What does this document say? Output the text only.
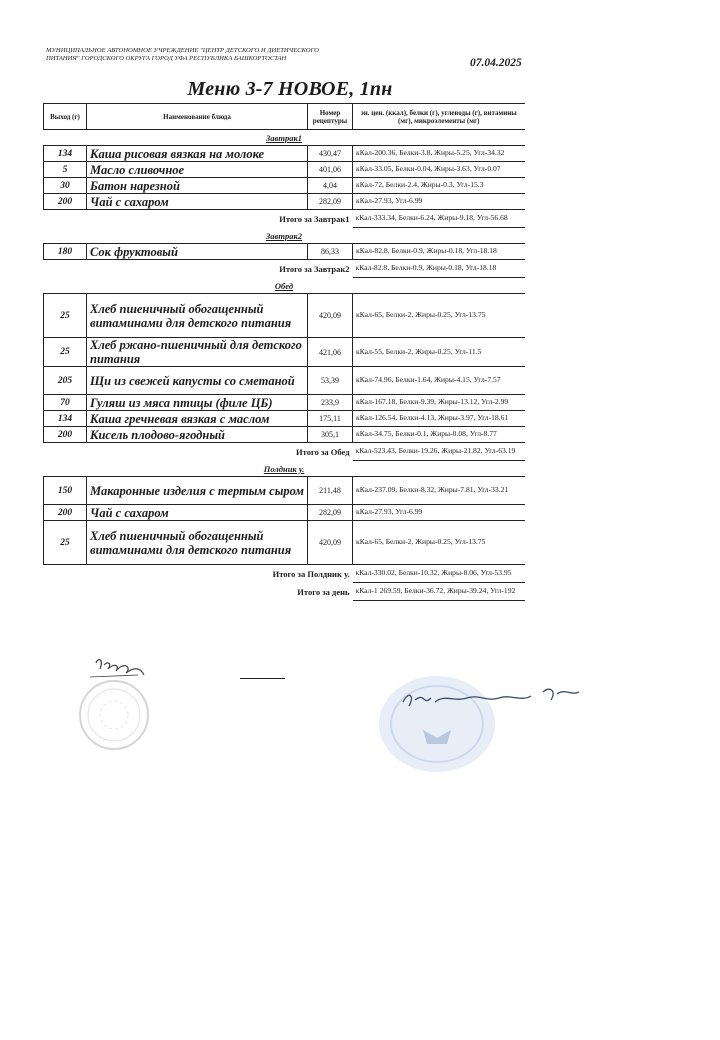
МУНИЦИПАЛЬНОЕ АВТОНОМНОЕ УЧРЕЖДЕНИЕ "ЦЕНТР ДЕТСКОГО И ДИЕТИЧЕСКОГО ПИТАНИЯ" ГОРОДСКОГО ОКРУГА ГОРОД УФА РЕСПУБЛИКА БАШКОРТОСТАН	07.04.2025
Меню 3-7 НОВОЕ, 1пн
Выход (г)	Наименование блюда	Номер рецептуры	эн. цен. (ккал), белки (г), углеводы (г), витамины (мг), микроэлементы (мг)
Завтрак1			
134	Каша рисовая вязкая на молоке	430,47	кКал-200.36, Белки-3.8, Жиры-5.25, Угл-34.32
5	Масло сливочное	401,06	кКал-33.05, Белки-0.04, Жиры-3.63, Угл-0.07
30	Батон нарезной	4,04	кКал-72, Белки-2.4, Жиры-0.3, Угл-15.3
200	Чай с сахаром	282,09	кКал-27.93, Угл-6.99
Итого за Завтрак1			кКал-333.34, Белки-6.24, Жиры-9.18, Угл-56.68
Завтрак2			
180	Сок фруктовый	86,33	кКал-82.8, Белки-0.9, Жиры-0.18, Угл-18.18
Итого за Завтрак2			кКал-82.8, Белки-0.9, Жиры-0.18, Угл-18.18
Обед			
25	Хлеб пшеничный обогащенный витаминами для детского питания	420,09	кКал-65, Белки-2, Жиры-0.25, Угл-13.75
25	Хлеб ржано-пшеничный для детского питания	421,06	кКал-55, Белки-2, Жиры-0.25, Угл-11.5
205	Щи из свежей капусты со сметаной	53,39	кКал-74.96, Белки-1.64, Жиры-4.15, Угл-7.57
70	Гуляш из мяса птицы (филе ЦБ)	233,9	кКал-167.18, Белки-9.39, Жиры-13.12, Угл-2.99
134	Каша гречневая вязкая с маслом	175,11	кКал-126.54, Белки-4.13, Жиры-3.97, Угл-18.61
200	Кисель плодово-ягодный	305,1	кКал-34.75, Белки-0.1, Жиры-0.08, Угл-8.77
Итого за Обед			кКал-523.43, Белки-19.26, Жиры-21.82, Угл-63.19
Полдник у.			
150	Макаронные изделия с тертым сыром	211,48	кКал-237.09, Белки-8.32, Жиры-7.81, Угл-33.21
200	Чай с сахаром	282,09	кКал-27.93, Угл-6.99
25	Хлеб пшеничный обогащенный витаминами для детского питания	420,09	кКал-65, Белки-2, Жиры-0.25, Угл-13.75
Итого за Полдник у.			кКал-330.02, Белки-10.32, Жиры-8.06, Угл-53.95
Итого за день			кКал-1 269.59, Белки-36.72, Жиры-39.24, Угл-192
